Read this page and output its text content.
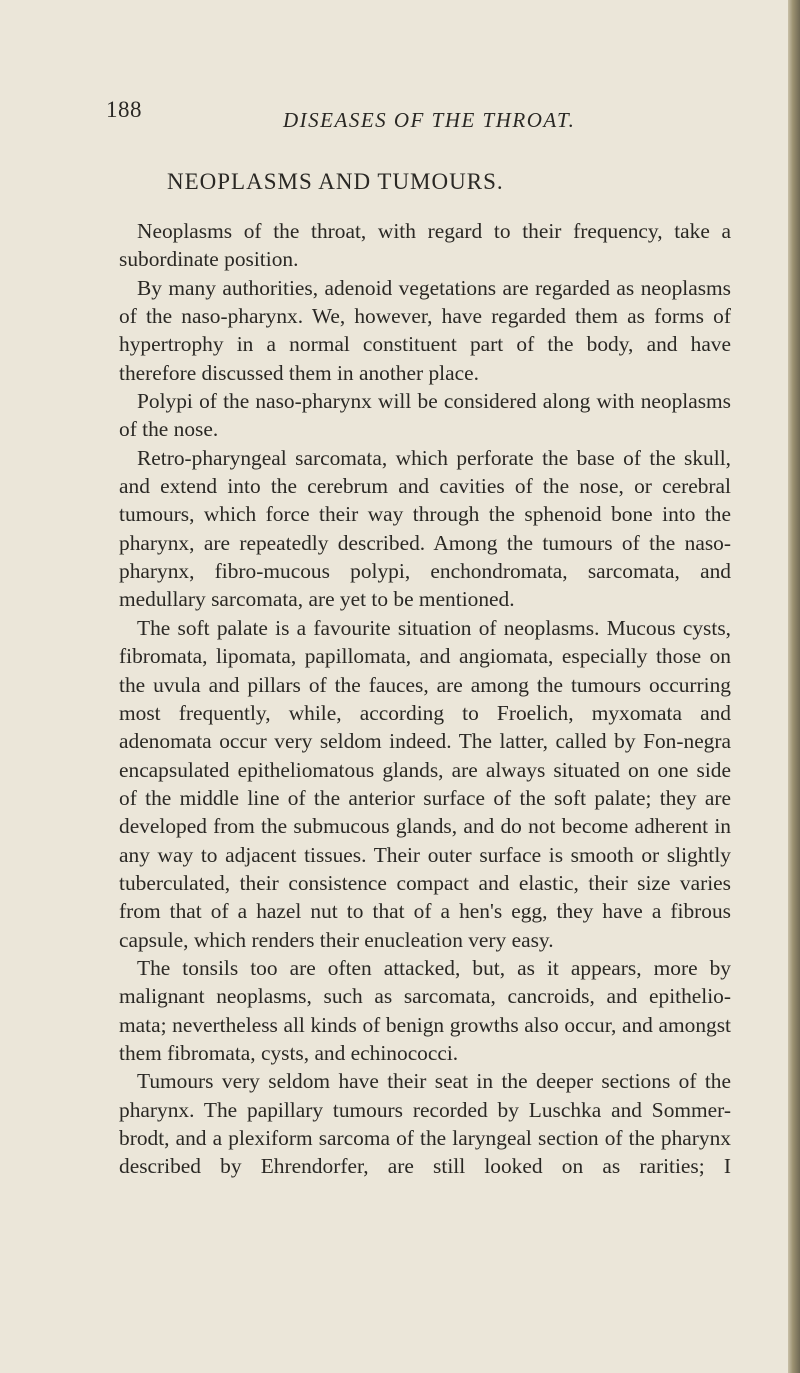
188	DISEASES OF THE THROAT.
NEOPLASMS AND TUMOURS.

Neoplasms of the throat, with regard to their frequency, take a subordinate position.

By many authorities, adenoid vegetations are regarded as neoplasms of the naso-pharynx. We, however, have regarded them as forms of hypertrophy in a normal constituent part of the body, and have therefore discussed them in another place.

Polypi of the naso-pharynx will be considered along with neoplasms of the nose.

Retro-pharyngeal sarcomata, which perforate the base of the skull, and extend into the cerebrum and cavities of the nose, or cerebral tumours, which force their way through the sphenoid bone into the pharynx, are repeatedly described. Among the tumours of the naso-pharynx, fibro-mucous polypi, enchondromata, sarcomata, and medullary sarcomata, are yet to be mentioned.

The soft palate is a favourite situation of neoplasms. Mucous cysts, fibromata, lipomata, papillomata, and angiomata, especially those on the uvula and pillars of the fauces, are among the tumours occurring most frequently, while, according to Froelich, myxomata and adenomata occur very seldom indeed. The latter, called by Fon-negra encapsulated epitheliomatous glands, are always situated on one side of the middle line of the anterior surface of the soft palate; they are developed from the submucous glands, and do not become adherent in any way to adjacent tissues. Their outer surface is smooth or slightly tuberculated, their consistence compact and elastic, their size varies from that of a hazel nut to that of a hen's egg, they have a fibrous capsule, which renders their enucleation very easy.

The tonsils too are often attacked, but, as it appears, more by malignant neoplasms, such as sarcomata, cancroids, and epithelio-mata; nevertheless all kinds of benign growths also occur, and amongst them fibromata, cysts, and echinococci.

Tumours very seldom have their seat in the deeper sections of the pharynx. The papillary tumours recorded by Luschka and Sommer-brodt, and a plexiform sarcoma of the laryngeal section of the pharynx described by Ehrendorfer, are still looked on as rarities; I
